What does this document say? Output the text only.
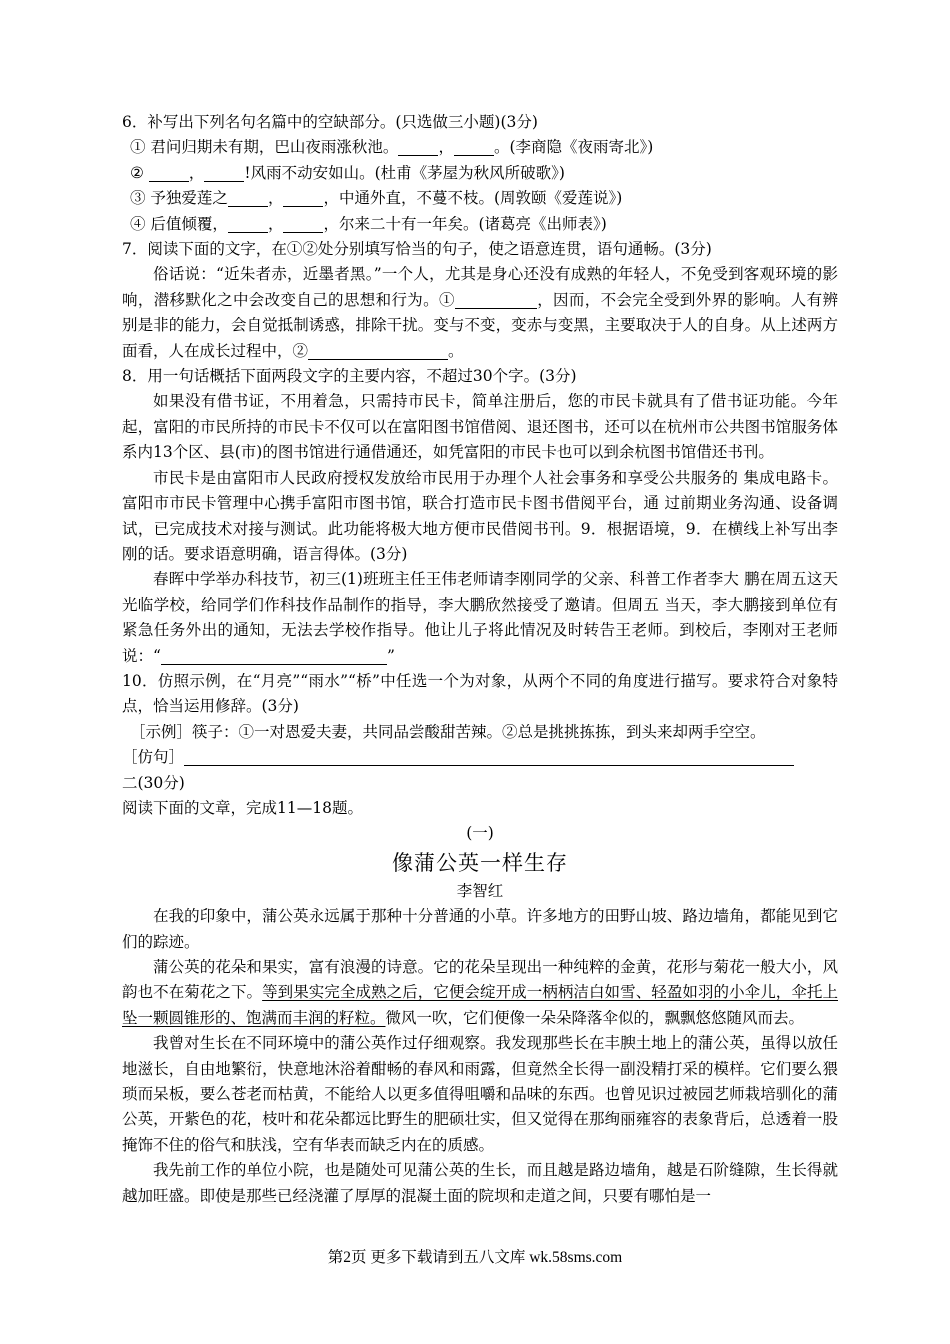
6．补写出下列名句名篇中的空缺部分。(只选做三小题)(3分)

① 君问归期未有期，巴山夜雨涨秋池。	，	。(李商隐《夜雨寄北》)

②	，	!风雨不动安如山。(杜甫《茅屋为秋风所破歌》)

③ 予独爱莲之	，	，中通外直，不蔓不枝。(周敦颐《爱莲说》)

④ 后值倾覆，	，	，尔来二十有一年矣。(诸葛亮《出师表》)

7．阅读下面的文字，在①②处分别填写恰当的句子，使之语意连贯，语句通畅。(3分)

俗话说：“近朱者赤，近墨者黑。”一个人，尤其是身心还没有成熟的年轻人，不免受到客观环境的影响，潜移默化之中会改变自己的思想和行为。①	，因而，不会完全受到外界的影响。人有辨别是非的能力，会自觉抵制诱惑，排除干扰。变与不变，变赤与变黑，主要取决于人的自身。从上述两方面看，人在成长过程中，②	。

8．用一句话概括下面两段文字的主要内容，不超过30个字。(3分)

如果没有借书证，不用着急，只需持市民卡，简单注册后，您的市民卡就具有了借书证功能。今年起，富阳的市民所持的市民卡不仅可以在富阳图书馆借阅、退还图书，还可以在杭州市公共图书馆服务体系内13个区、县(市)的图书馆进行通借通还，如凭富阳的市民卡也可以到余杭图书馆借还书刊。

市民卡是由富阳市人民政府授权发放给市民用于办理个人社会事务和享受公共服务的 集成电路卡。富阳市市民卡管理中心携手富阳市图书馆，联合打造市民卡图书借阅平台，通 过前期业务沟通、设备调试，已完成技术对接与测试。此功能将极大地方便市民借阅书刊。9．根据语境，9．在横线上补写出李刚的话。要求语意明确，语言得体。(3分)

春晖中学举办科技节，初三(1)班班主任王伟老师请李刚同学的父亲、科普工作者李大 鹏在周五这天光临学校，给同学们作科技作品制作的指导，李大鹏欣然接受了邀请。但周五 当天，李大鹏接到单位有紧急任务外出的通知，无法去学校作指导。他让儿子将此情况及时转告王老师。到校后，李刚对王老师说：“	”

10．仿照示例，在“月亮”“雨水”“桥”中任选一个为对象，从两个不同的角度进行描写。要求符合对象特点，恰当运用修辞。(3分)

［示例］筷子：①一对恩爱夫妻，共同品尝酸甜苦辣。②总是挑挑拣拣，到头来却两手空空。

［仿句］

二(30分)

阅读下面的文章，完成11—18题。

(一)

像蒲公英一样生存

李智红

在我的印象中，蒲公英永远属于那种十分普通的小草。许多地方的田野山坡、路边墙角，都能见到它们的踪迹。

蒲公英的花朵和果实，富有浪漫的诗意。它的花朵呈现出一种纯粹的金黄，花形与菊花一般大小，风韵也不在菊花之下。等到果实完全成熟之后，它便会绽开成一柄柄洁白如雪、轻盈如羽的小伞儿，伞托上坠一颗圆锥形的、饱满而丰润的籽粒。微风一吹，它们便像一朵朵降落伞似的，飘飘悠悠随风而去。

我曾对生长在不同环境中的蒲公英作过仔细观察。我发现那些长在丰腴土地上的蒲公英，虽得以放任地滋长，自由地繁衍，快意地沐浴着酣畅的春风和雨露，但竟然全长得一副没精打采的模样。它们要么猥琐而呆板，要么苍老而枯黄，不能给人以更多值得咀嚼和品味的东西。也曾见识过被园艺师栽培驯化的蒲公英，开紫色的花，枝叶和花朵都远比野生的肥硕壮实，但又觉得在那绚丽雍容的表象背后，总透着一股掩饰不住的俗气和肤浅，空有华表而缺乏内在的质感。

我先前工作的单位小院，也是随处可见蒲公英的生长，而且越是路边墙角，越是石阶缝隙，生长得就越加旺盛。即使是那些已经浇灌了厚厚的混凝土面的院坝和走道之间，只要有哪怕是一

第2页 更多下载请到五八文库 wk.58sms.com
